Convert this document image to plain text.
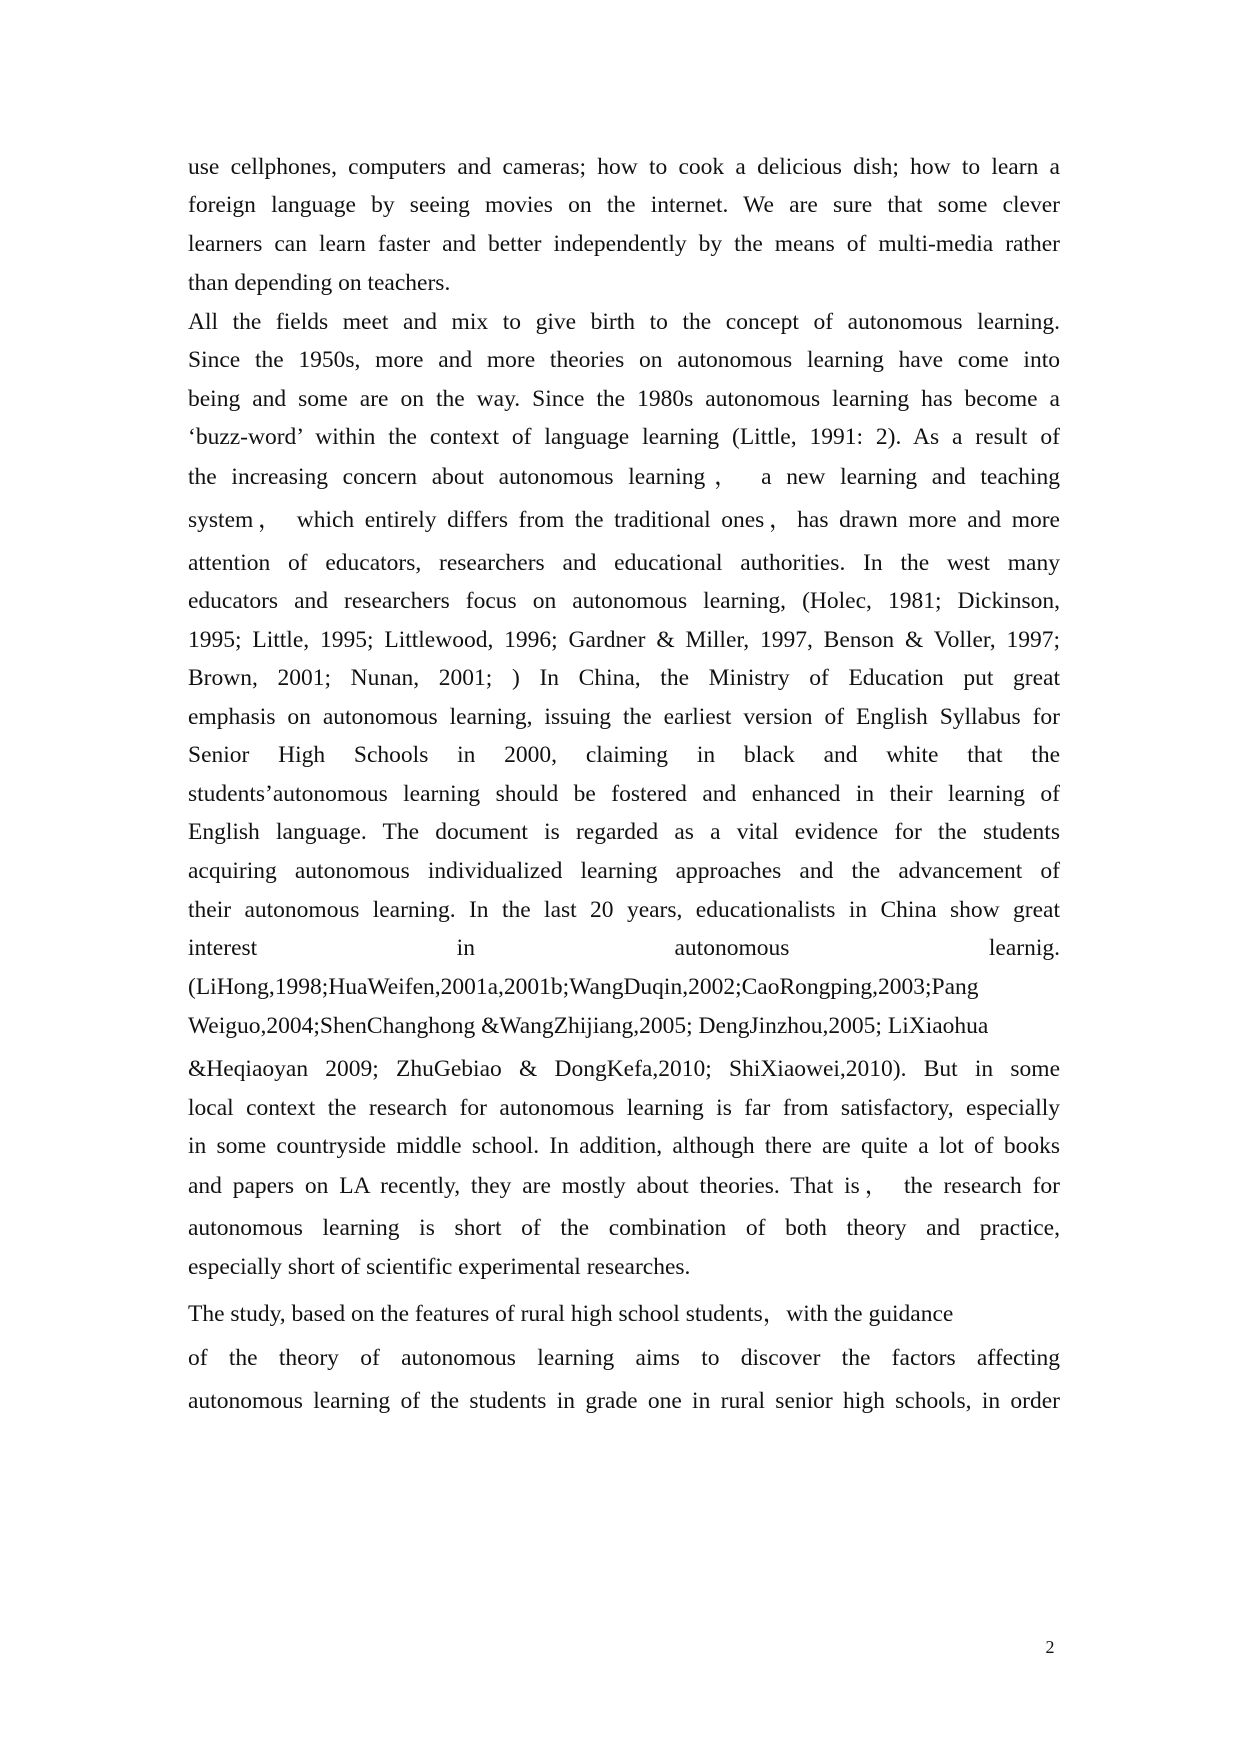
use cellphones, computers and cameras; how to cook a delicious dish; how to learn a
foreign language by seeing movies on the internet. We are sure that some clever
learners can learn faster and better independently by the means of multi-media rather
than depending on teachers.
All the fields meet and mix to give birth to the concept of autonomous learning.
Since the 1950s, more and more theories on autonomous learning have come into
being and some are on the way. Since the 1980s autonomous learning has become a
‘buzz-word’ within the context of language learning (Little, 1991: 2). As a result of
the increasing concern about autonomous learning， a new learning and teaching
system， which entirely differs from the traditional ones，has drawn more and more
attention of educators, researchers and educational authorities. In the west many
educators and researchers focus on autonomous learning, (Holec, 1981; Dickinson,
1995; Little, 1995; Littlewood, 1996; Gardner & Miller, 1997, Benson & Voller, 1997;
Brown, 2001; Nunan, 2001; ) In China, the Ministry of Education put great
emphasis on autonomous learning, issuing the earliest version of English Syllabus for
Senior High Schools in 2000, claiming in black and white that the
students’autonomous learning should be fostered and enhanced in their learning of
English language. The document is regarded as a vital evidence for the students
acquiring autonomous individualized learning approaches and the advancement of
their autonomous learning. In the last 20 years, educationalists in China show great
interest in autonomous learnig.
(LiHong,1998;HuaWeifen,2001a,2001b;WangDuqin,2002;CaoRongping,2003;Pang
Weiguo,2004;ShenChanghong &WangZhijiang,2005; DengJinzhou,2005; LiXiaohua
&Heqiaoyan 2009; ZhuGebiao & DongKefa,2010; ShiXiaowei,2010). But in some
local context the research for autonomous learning is far from satisfactory, especially
in some countryside middle school. In addition, although there are quite a lot of books
and papers on LA recently, they are mostly about theories. That is， the research for
autonomous learning is short of the combination of both theory and practice,
especially short of scientific experimental researches.
The study, based on the features of rural high school students，with the guidance
of the theory of autonomous learning aims to discover the factors affecting
autonomous learning of the students in grade one in rural senior high schools, in order
2
